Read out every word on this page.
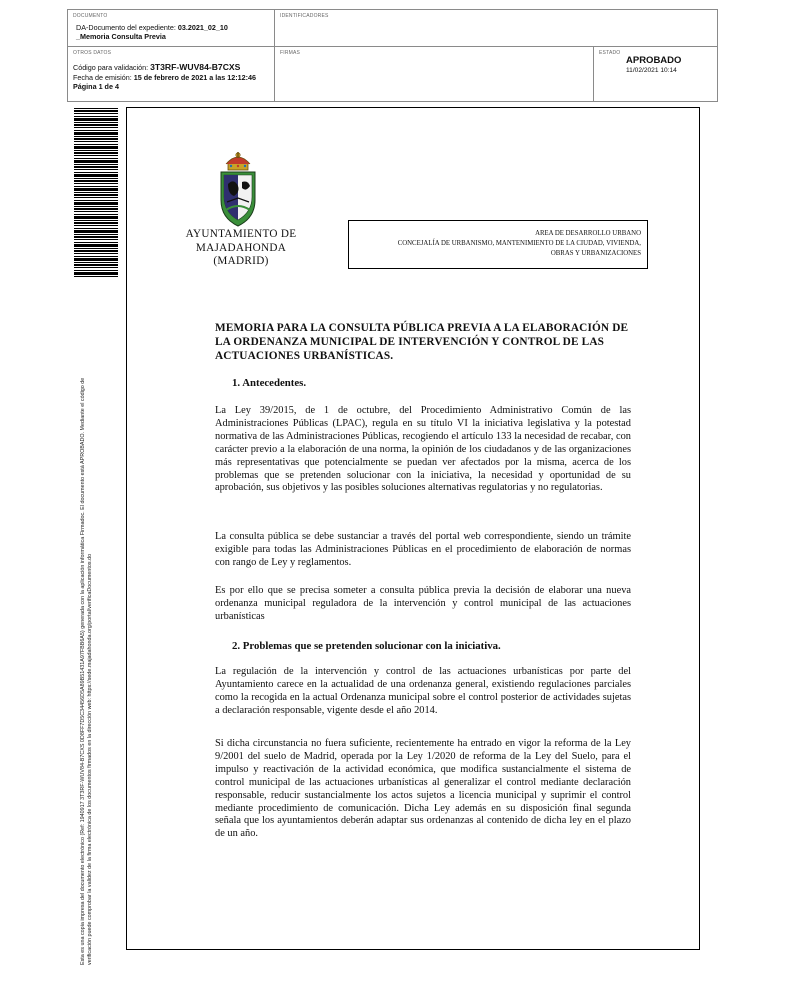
DOCUMENTO
DA-Documento del expediente: 03.2021_02_10
_Memoria Consulta Previa
IDENTIFICADORES
OTROS DATOS
Código para validación: 3T3RF-WUV84-B7CXS
Fecha de emisión: 15 de febrero de 2021 a las 12:12:46
Página 1 de 4
FIRMAS	ESTADO
APROBADO
11/02/2021 10:14
Esta es una copia impresa del documento electrónico (Ref: 1940917 3T3RF-WUV84-B7CXS 0D8FF7D5C34456D5A89B51431A97FBB6A5) generada con la aplicación informática Firmadoc. El documento está APROBADO. Mediante el código de verificación puede comprobar la validez de la firma electrónica de los documentos firmados en la dirección web: https://sede.majadahonda.org/portal/verificaDocumentos.do
AYUNTAMIENTO DE
MAJADAHONDA
(MADRID)
AREA DE DESARROLLO URBANO
CONCEJALÍA DE URBANISMO, MANTENIMIENTO DE LA CIUDAD, VIVIENDA,
OBRAS Y URBANIZACIONES
MEMORIA PARA LA CONSULTA PÚBLICA PREVIA A LA ELABORACIÓN DE LA ORDENANZA MUNICIPAL DE INTERVENCIÓN Y CONTROL DE LAS ACTUACIONES URBANÍSTICAS.
1. Antecedentes.
La Ley 39/2015, de 1 de octubre, del Procedimiento Administrativo Común de las Administraciones Públicas (LPAC), regula en su título VI la iniciativa legislativa y la potestad normativa de las Administraciones Públicas, recogiendo el artículo 133 la necesidad de recabar, con carácter previo a la elaboración de una norma, la opinión de los ciudadanos y de las organizaciones más representativas que potencialmente se puedan ver afectados por la misma, acerca de los problemas que se pretenden solucionar con la iniciativa, la necesidad y oportunidad de su aprobación, sus objetivos y las posibles soluciones alternativas regulatorias y no regulatorias.
La consulta pública se debe sustanciar a través del portal web correspondiente, siendo un trámite exigible para todas las Administraciones Públicas en el procedimiento de elaboración de normas con rango de Ley y reglamentos.
Es por ello que se precisa someter a consulta pública previa la decisión de elaborar una nueva ordenanza municipal reguladora de la intervención y control municipal de las actuaciones urbanísticas
2. Problemas que se pretenden solucionar con la iniciativa.
La regulación de la intervención y control de las actuaciones urbanísticas por parte del Ayuntamiento carece en la actualidad de una ordenanza general, existiendo regulaciones parciales como la recogida en la actual Ordenanza municipal sobre el control posterior de actividades sujetas a declaración responsable, vigente desde el año 2014.
Si dicha circunstancia no fuera suficiente, recientemente ha entrado en vigor la reforma de la Ley 9/2001 del suelo de Madrid, operada por la Ley 1/2020 de reforma de la Ley del Suelo, para el impulso y reactivación de la actividad económica, que modifica sustancialmente el sistema de control municipal de las actuaciones urbanísticas al generalizar el control mediante declaración responsable, reducir sustancialmente los actos sujetos a licencia municipal y suprimir el control mediante procedimiento de comunicación. Dicha Ley además en su disposición final segunda señala que los ayuntamientos deberán adaptar sus ordenanzas al contenido de dicha ley en el plazo de un año.
